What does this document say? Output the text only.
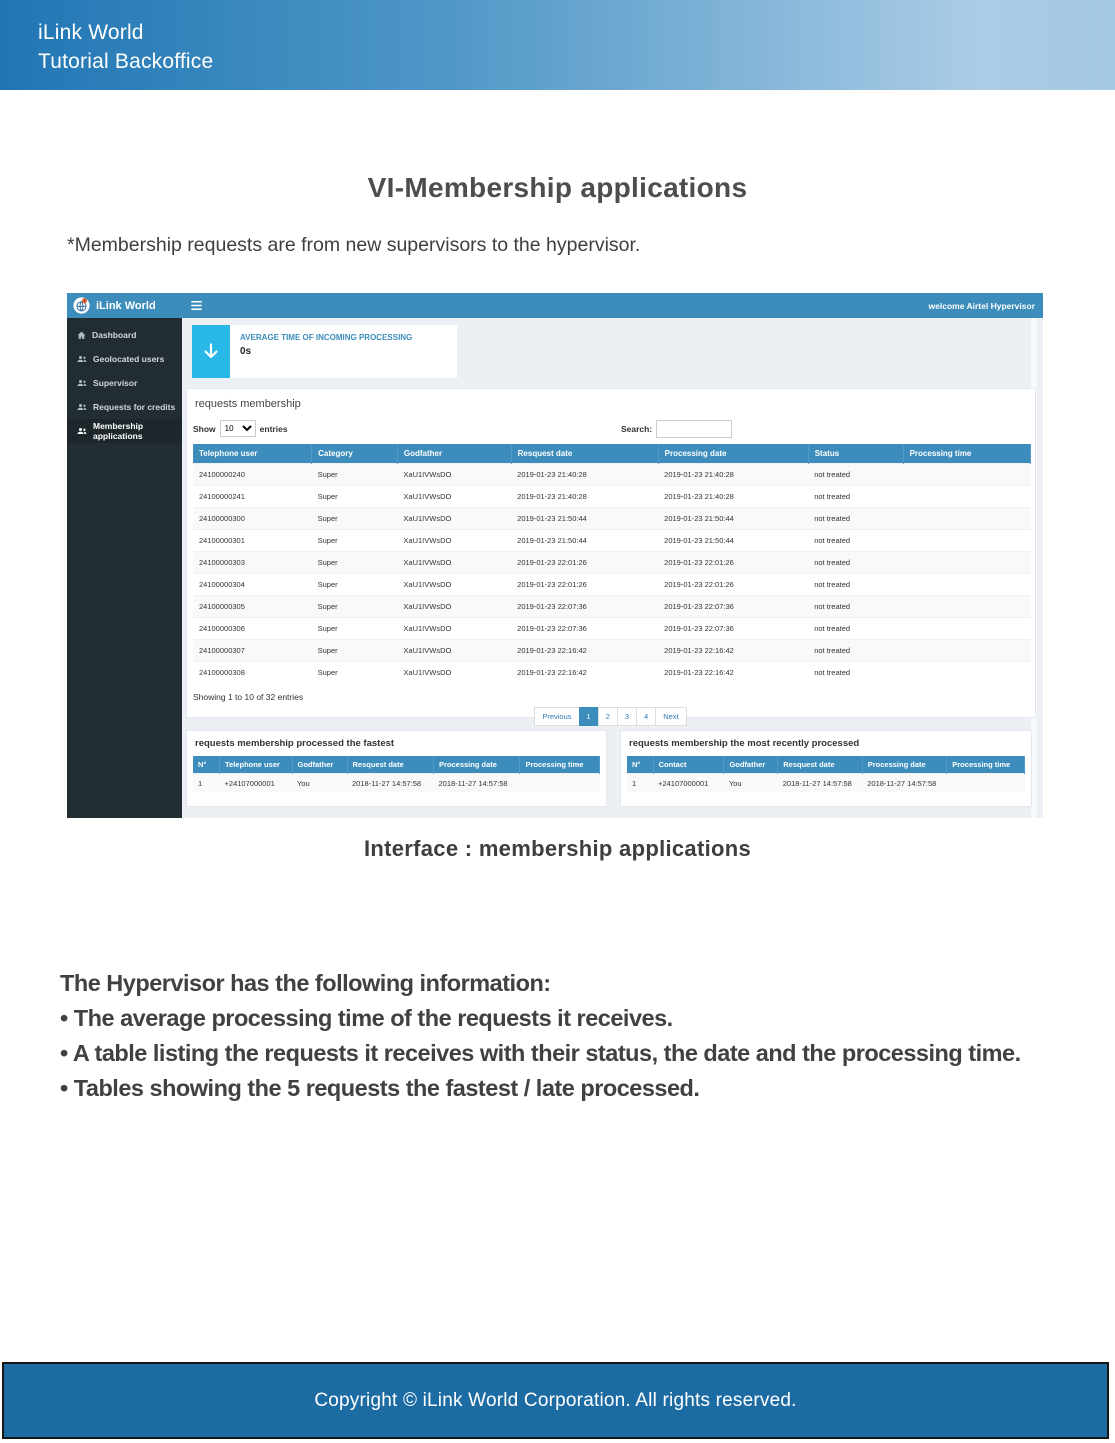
iLink World
Tutorial Backoffice
VI-Membership applications
*Membership requests are from new supervisors to the hypervisor.
iLink World	welcome Airtel Hypervisor
Dashboard
Geolocated users
Supervisor
Requests for credits
Membership applications
AVERAGE TIME OF INCOMING PROCESSING
0s
requests membership
Show
10	entries	Search:
Telephone user	Category	Godfather	Resquest date	Processing date	Status	Processing time
24100000240	Super	XaU1IVWsDO	2019-01-23 21:40:28	2019-01-23 21:40:28	not treated	
24100000241	Super	XaU1IVWsDO	2019-01-23 21:40:28	2019-01-23 21:40:28	not treated	
24100000300	Super	XaU1IVWsDO	2019-01-23 21:50:44	2019-01-23 21:50:44	not treated	
24100000301	Super	XaU1IVWsDO	2019-01-23 21:50:44	2019-01-23 21:50:44	not treated	
24100000303	Super	XaU1IVWsDO	2019-01-23 22:01:26	2019-01-23 22:01:26	not treated	
24100000304	Super	XaU1IVWsDO	2019-01-23 22:01:26	2019-01-23 22:01:26	not treated	
24100000305	Super	XaU1IVWsDO	2019-01-23 22:07:36	2019-01-23 22:07:36	not treated	
24100000306	Super	XaU1IVWsDO	2019-01-23 22:07:36	2019-01-23 22:07:36	not treated	
24100000307	Super	XaU1IVWsDO	2019-01-23 22:16:42	2019-01-23 22:16:42	not treated	
24100000308	Super	XaU1IVWsDO	2019-01-23 22:16:42	2019-01-23 22:16:42	not treated	
Showing 1 to 10 of 32 entries
Previous	1	2	3	4	Next
requests membership processed the fastest
N°	Telephone user	Godfather	Resquest date	Processing date	Processing time
1	+24107000001	You	2018-11-27 14:57:58	2018-11-27 14:57:58	
requests membership the most recently processed
N°	Contact	Godfather	Resquest date	Processing date	Processing time
1	+24107000001	You	2018-11-27 14:57:58	2018-11-27 14:57:58	
Interface : membership applications
The Hypervisor has the following information:
• The average processing time of the requests it receives.
• A table listing the requests it receives with their status, the date and the processing time.
• Tables showing the 5 requests the fastest / late processed.
Copyright © iLink World Corporation. All rights reserved.
